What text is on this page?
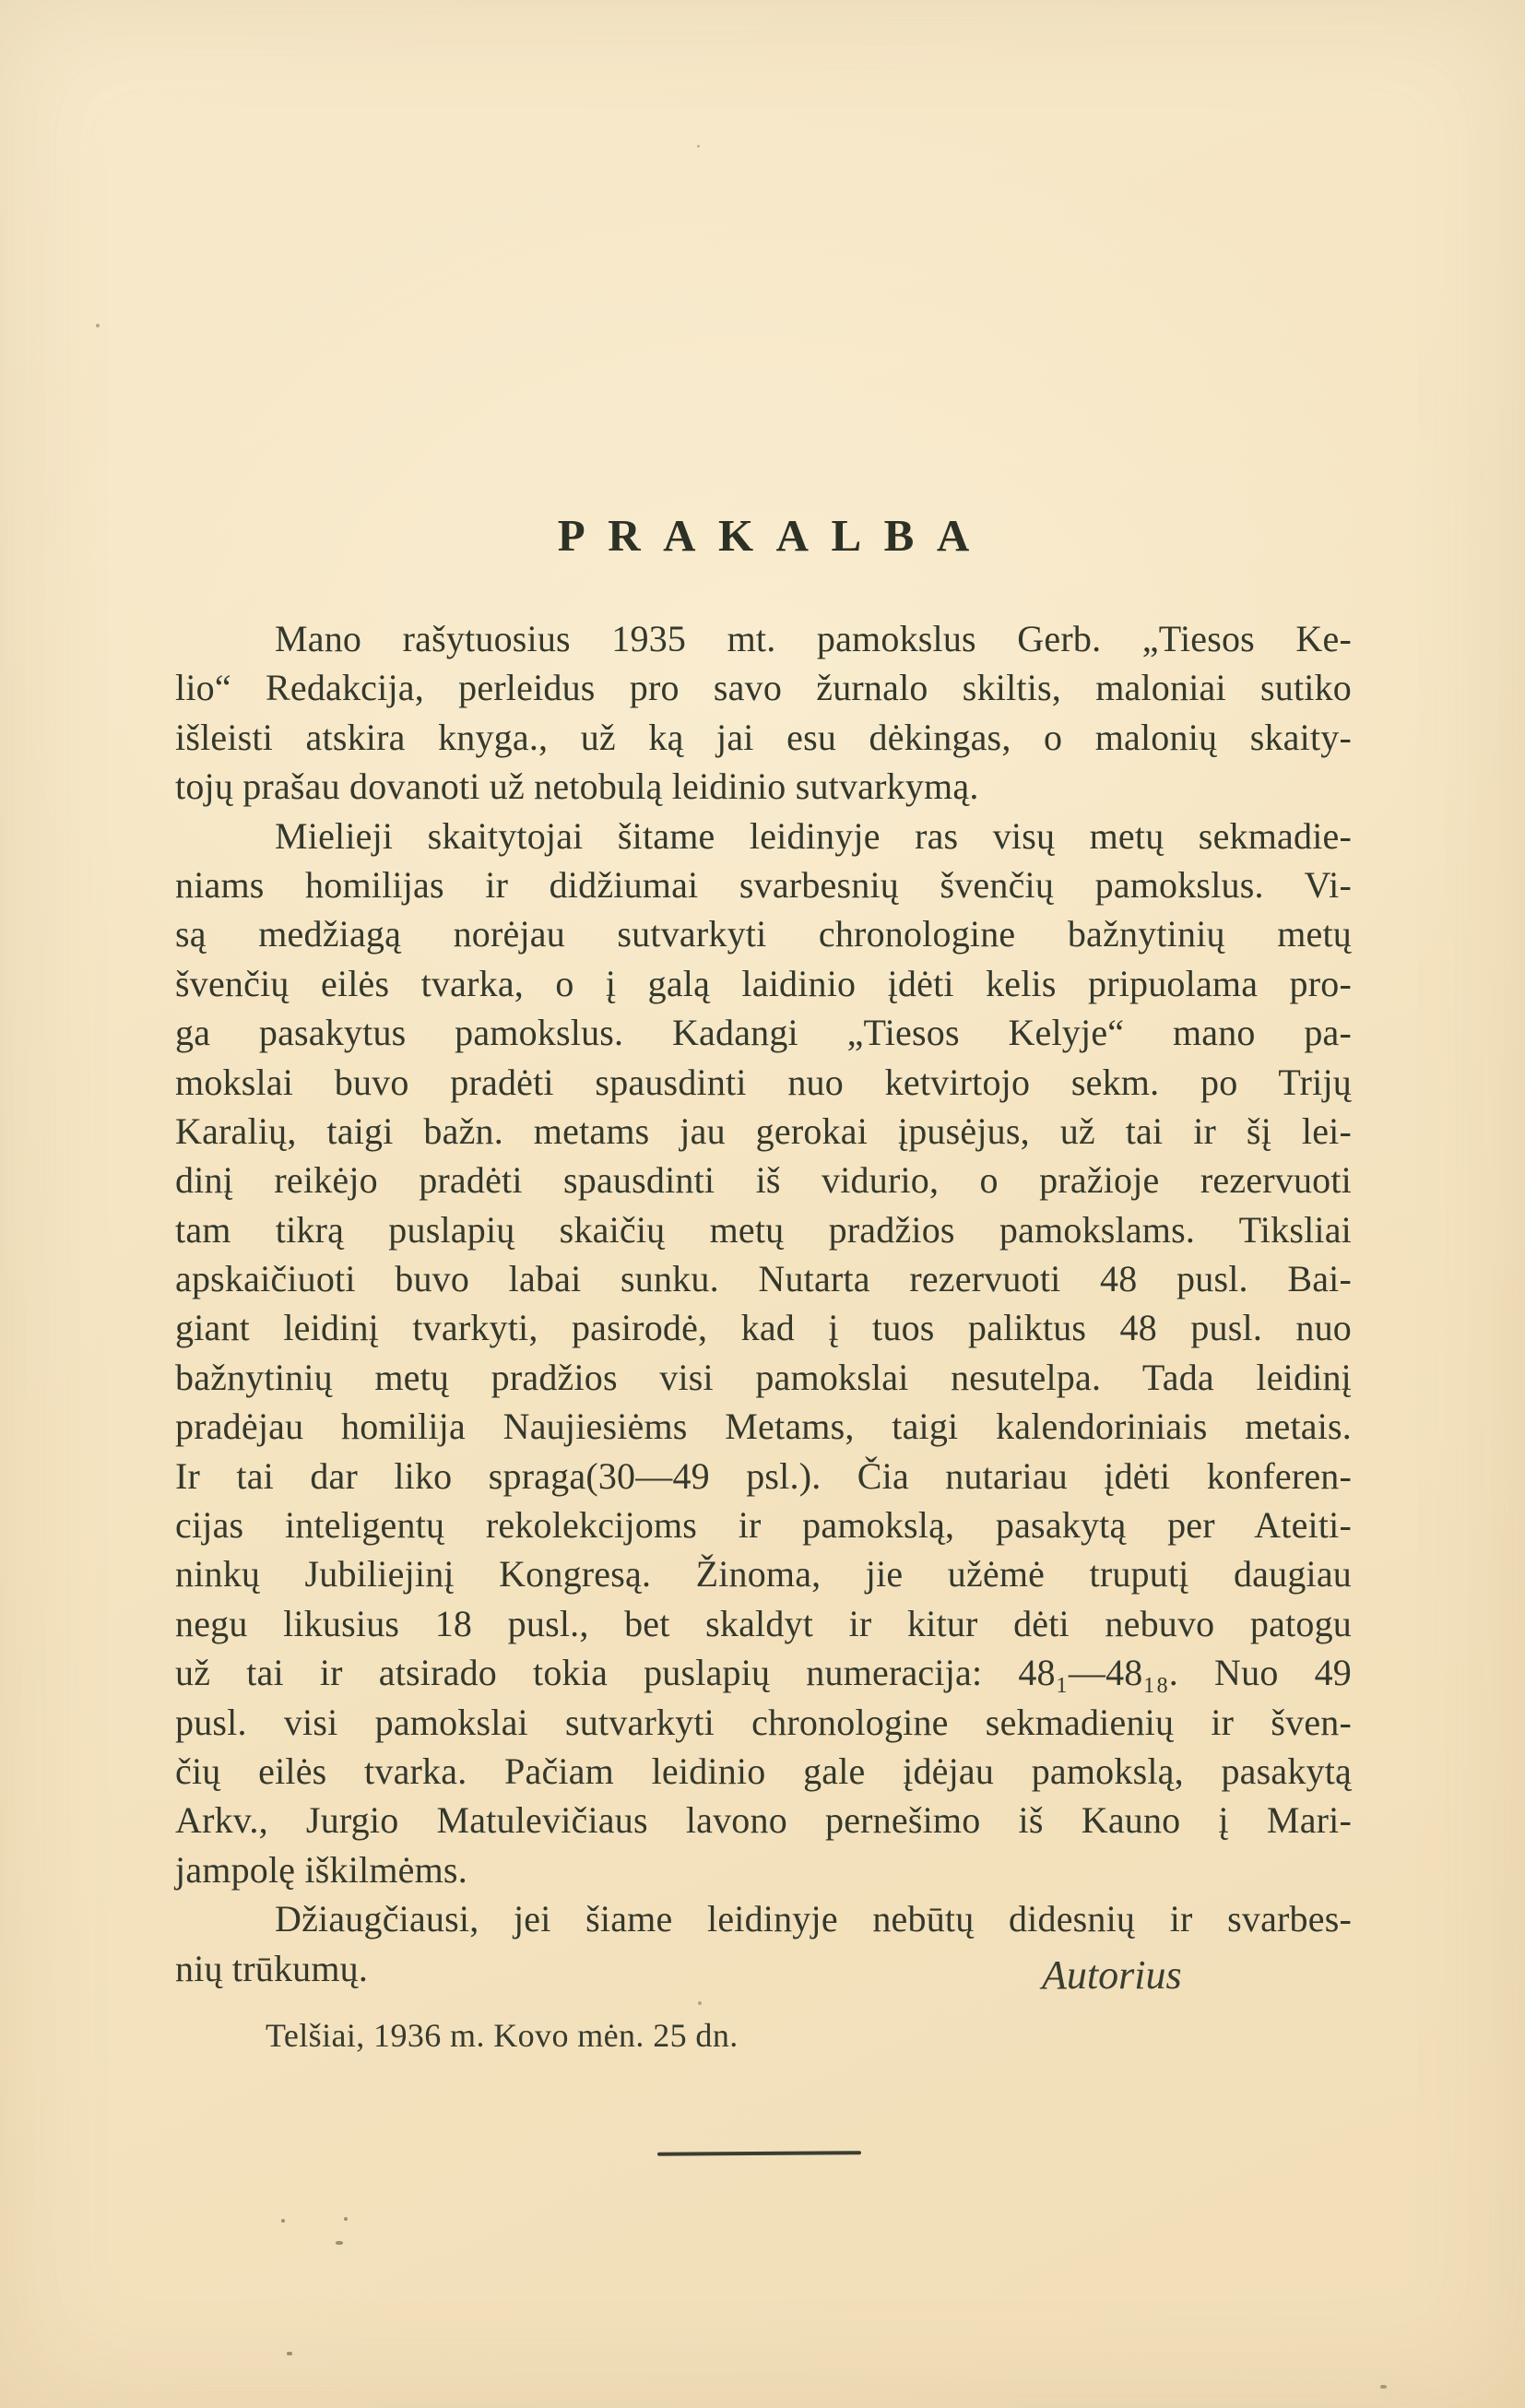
PRAKALBA
Mano rašytuosius 1935 mt. pamokslus Gerb. „Tiesos Ke-
lio“ Redakcija, perleidus pro savo žurnalo skiltis, maloniai sutiko
išleisti atskira knyga., už ką jai esu dėkingas, o malonių skaity-
tojų prašau dovanoti už netobulą leidinio sutvarkymą.
Mielieji skaitytojai šitame leidinyje ras visų metų sekmadie-
niams homilijas ir didžiumai svarbesnių švenčių pamokslus. Vi-
są medžiagą norėjau sutvarkyti chronologine bažnytinių metų
švenčių eilės tvarka, o į galą laidinio įdėti kelis pripuolama pro-
ga pasakytus pamokslus. Kadangi „Tiesos Kelyje“ mano pa-
mokslai buvo pradėti spausdinti nuo ketvirtojo sekm. po Trijų
Karalių, taigi bažn. metams jau gerokai įpusėjus, už tai ir šį lei-
dinį reikėjo pradėti spausdinti iš vidurio, o pražioje rezervuoti
tam tikrą puslapių skaičių metų pradžios pamokslams. Tiksliai
apskaičiuoti buvo labai sunku. Nutarta rezervuoti 48 pusl. Bai-
giant leidinį tvarkyti, pasirodė, kad į tuos paliktus 48 pusl. nuo
bažnytinių metų pradžios visi pamokslai nesutelpa. Tada leidinį
pradėjau homilija Naujiesiėms Metams, taigi kalendoriniais metais.
Ir tai dar liko spraga(30—49 psl.). Čia nutariau įdėti konferen-
cijas inteligentų rekolekcijoms ir pamokslą, pasakytą per Ateiti-
ninkų Jubiliejinį Kongresą. Žinoma, jie užėmė truputį daugiau
negu likusius 18 pusl., bet skaldyt ir kitur dėti nebuvo patogu
už tai ir atsirado tokia puslapių numeracija: 48₁—48₁₈. Nuo 49
pusl. visi pamokslai sutvarkyti chronologine sekmadienių ir šven-
čių eilės tvarka. Pačiam leidinio gale įdėjau pamokslą, pasakytą
Arkv., Jurgio Matulevičiaus lavono pernešimo iš Kauno į Mari-
jampolę iškilmėms.
Džiaugčiausi, jei šiame leidinyje nebūtų didesnių ir svarbes-
nių trūkumų.	Autorius
Telšiai, 1936 m. Kovo mėn. 25 dn.
